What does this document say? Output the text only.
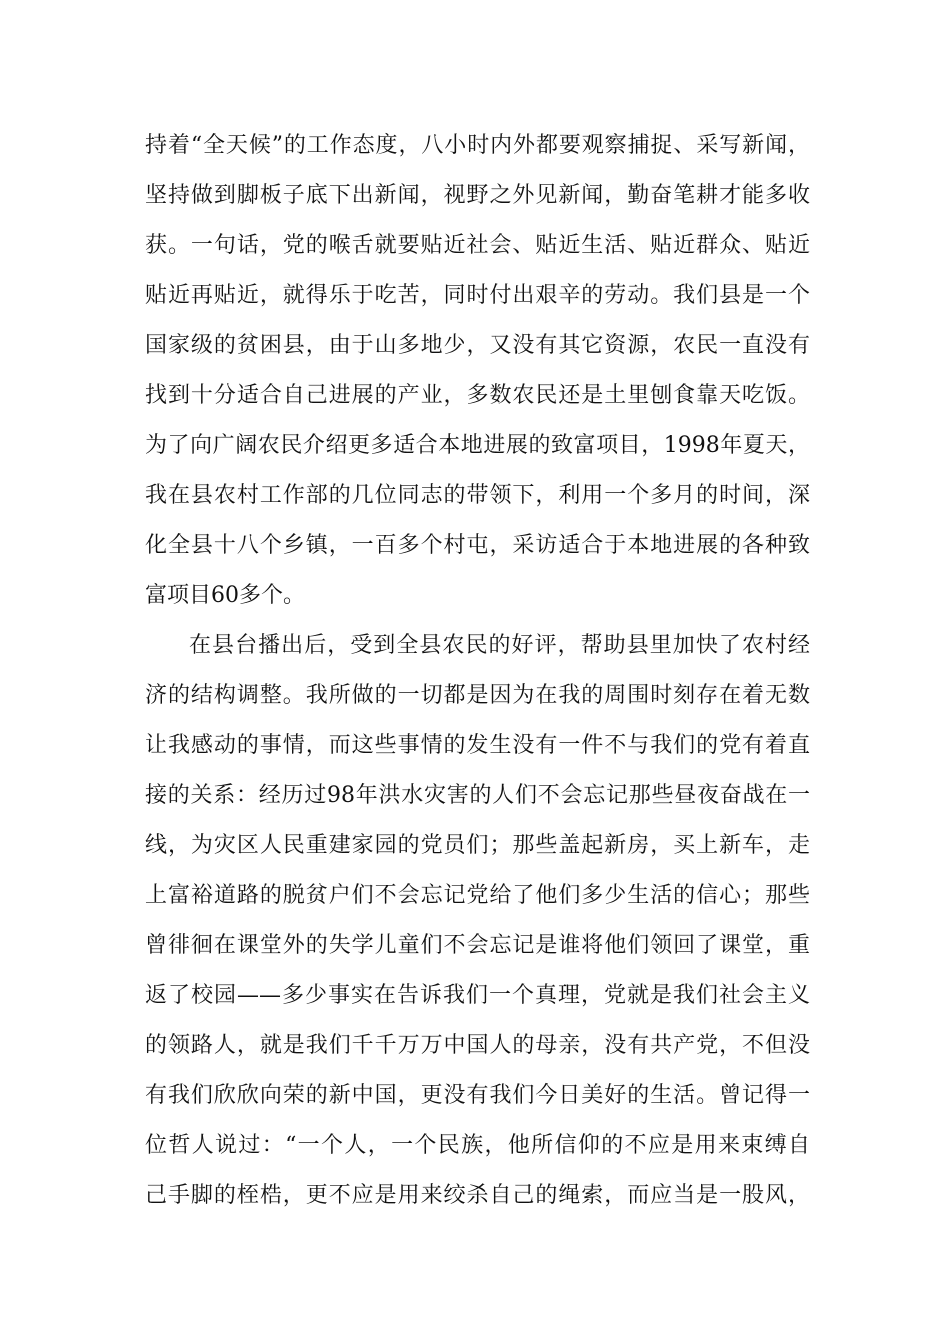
持着“全天候”的工作态度，八小时内外都要观察捕捉、采写新闻，
坚持做到脚板子底下出新闻，视野之外见新闻，勤奋笔耕才能多收
获。一句话，党的喉舌就要贴近社会、贴近生活、贴近群众、贴近
贴近再贴近，就得乐于吃苦，同时付出艰辛的劳动。我们县是一个
国家级的贫困县，由于山多地少，又没有其它资源，农民一直没有
找到十分适合自己进展的产业，多数农民还是土里刨食靠天吃饭。
为了向广阔农民介绍更多适合本地进展的致富项目，1998年夏天，
我在县农村工作部的几位同志的带领下，利用一个多月的时间，深
化全县十八个乡镇，一百多个村屯，采访适合于本地进展的各种致
富项目60多个。
在县台播出后，受到全县农民的好评，帮助县里加快了农村经
济的结构调整。我所做的一切都是因为在我的周围时刻存在着无数
让我感动的事情，而这些事情的发生没有一件不与我们的党有着直
接的关系：经历过98年洪水灾害的人们不会忘记那些昼夜奋战在一
线，为灾区人民重建家园的党员们；那些盖起新房，买上新车，走
上富裕道路的脱贫户们不会忘记党给了他们多少生活的信心；那些
曾徘徊在课堂外的失学儿童们不会忘记是谁将他们领回了课堂，重
返了校园——多少事实在告诉我们一个真理，党就是我们社会主义
的领路人，就是我们千千万万中国人的母亲，没有共产党，不但没
有我们欣欣向荣的新中国，更没有我们今日美好的生活。曾记得一
位哲人说过：“一个人，一个民族，他所信仰的不应是用来束缚自
己手脚的桎梏，更不应是用来绞杀自己的绳索，而应当是一股风，
